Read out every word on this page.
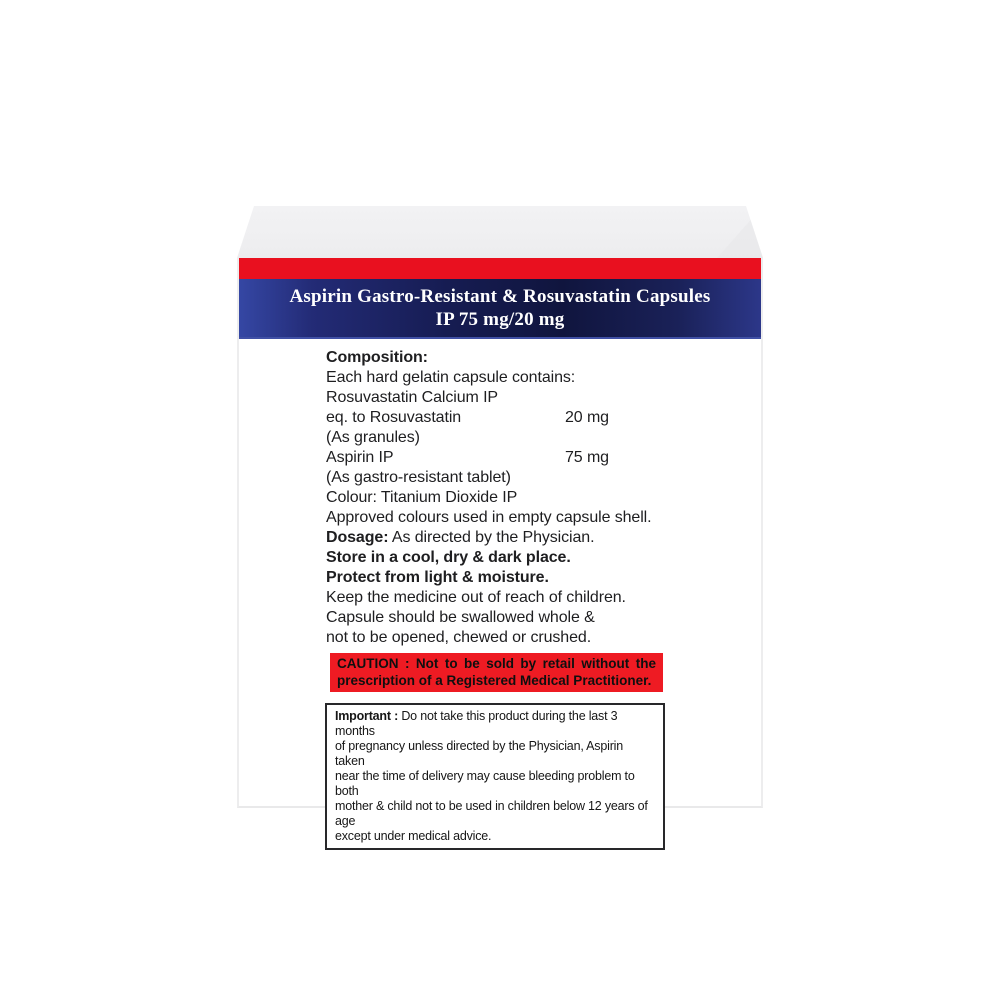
Aspirin Gastro-Resistant & Rosuvastatin Capsules
IP 75 mg/20 mg
Composition:
Each hard gelatin capsule contains:
Rosuvastatin Calcium IP
eq. to Rosuvastatin	20 mg
(As granules)
Aspirin IP	75 mg
(As gastro-resistant tablet)
Colour: Titanium Dioxide IP
Approved colours used in empty capsule shell.
Dosage: As directed by the Physician.
Store in a cool, dry & dark place.
Protect from light & moisture.
Keep the medicine out of reach of children.
Capsule should be swallowed whole &
not to be opened, chewed or crushed.
CAUTION : Not to be sold by retail without the
prescription of a Registered Medical Practitioner.
Important : Do not take this product during the last 3 months
of pregnancy unless directed by the Physician, Aspirin taken
near the time of delivery may cause bleeding problem to both
mother & child not to be used in children below 12 years of age
except under medical advice.
